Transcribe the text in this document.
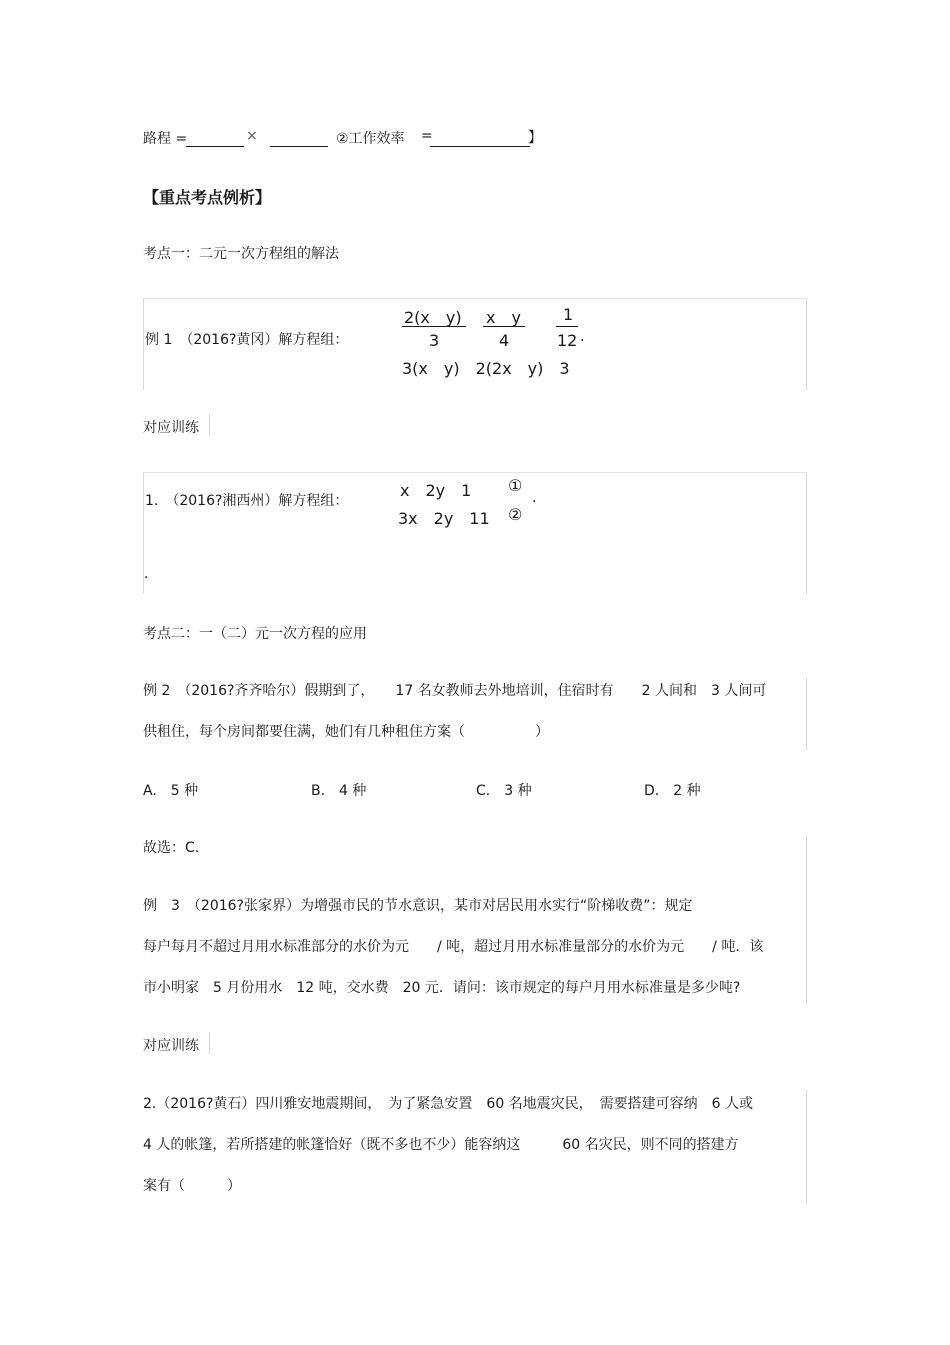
路程 =	×	②工作效率 =	】
【重点考点例析】
考点一：二元一次方程组的解法
例 1　（2016?黄冈）解方程组：
2(x　y)
3
x　y
4
1
12 ·
3(x　y)　2(2x　y)　3
对应训练
1.　（2016?湘西州）解方程组：
x　2y　1 ①
3x　2y　11 ②
.
.
考点二：一（二）元一次方程的应用
例 2　（2016?齐齐哈尔）假期到了，　　17 名女教师去外地培训，住宿时有　　2 人间和　3 人间可
供租住，每个房间都要住满，她们有几种租住方案（　　　　　）
A.　5 种	B.　4 种	C.　3 种	D.　2 种
故选：C.
例　3　（2016?张家界）为增强市民的节水意识，某市对居民用水实行“阶梯收费”：规定
每户每月不超过月用水标准部分的水价为元　　/ 吨，超过月用水标准量部分的水价为元　　/ 吨．该
市小明家　5 月份用水　12 吨，交水费　20 元．请问：该市规定的每户月用水标准量是多少吨?
对应训练
2.（2016?黄石）四川雅安地震期间，　为了紧急安置　60 名地震灾民，　需要搭建可容纳　6 人或
4 人的帐篷，若所搭建的帐篷恰好（既不多也不少）能容纳这　　　60 名灾民，则不同的搭建方
案有（　　　）
